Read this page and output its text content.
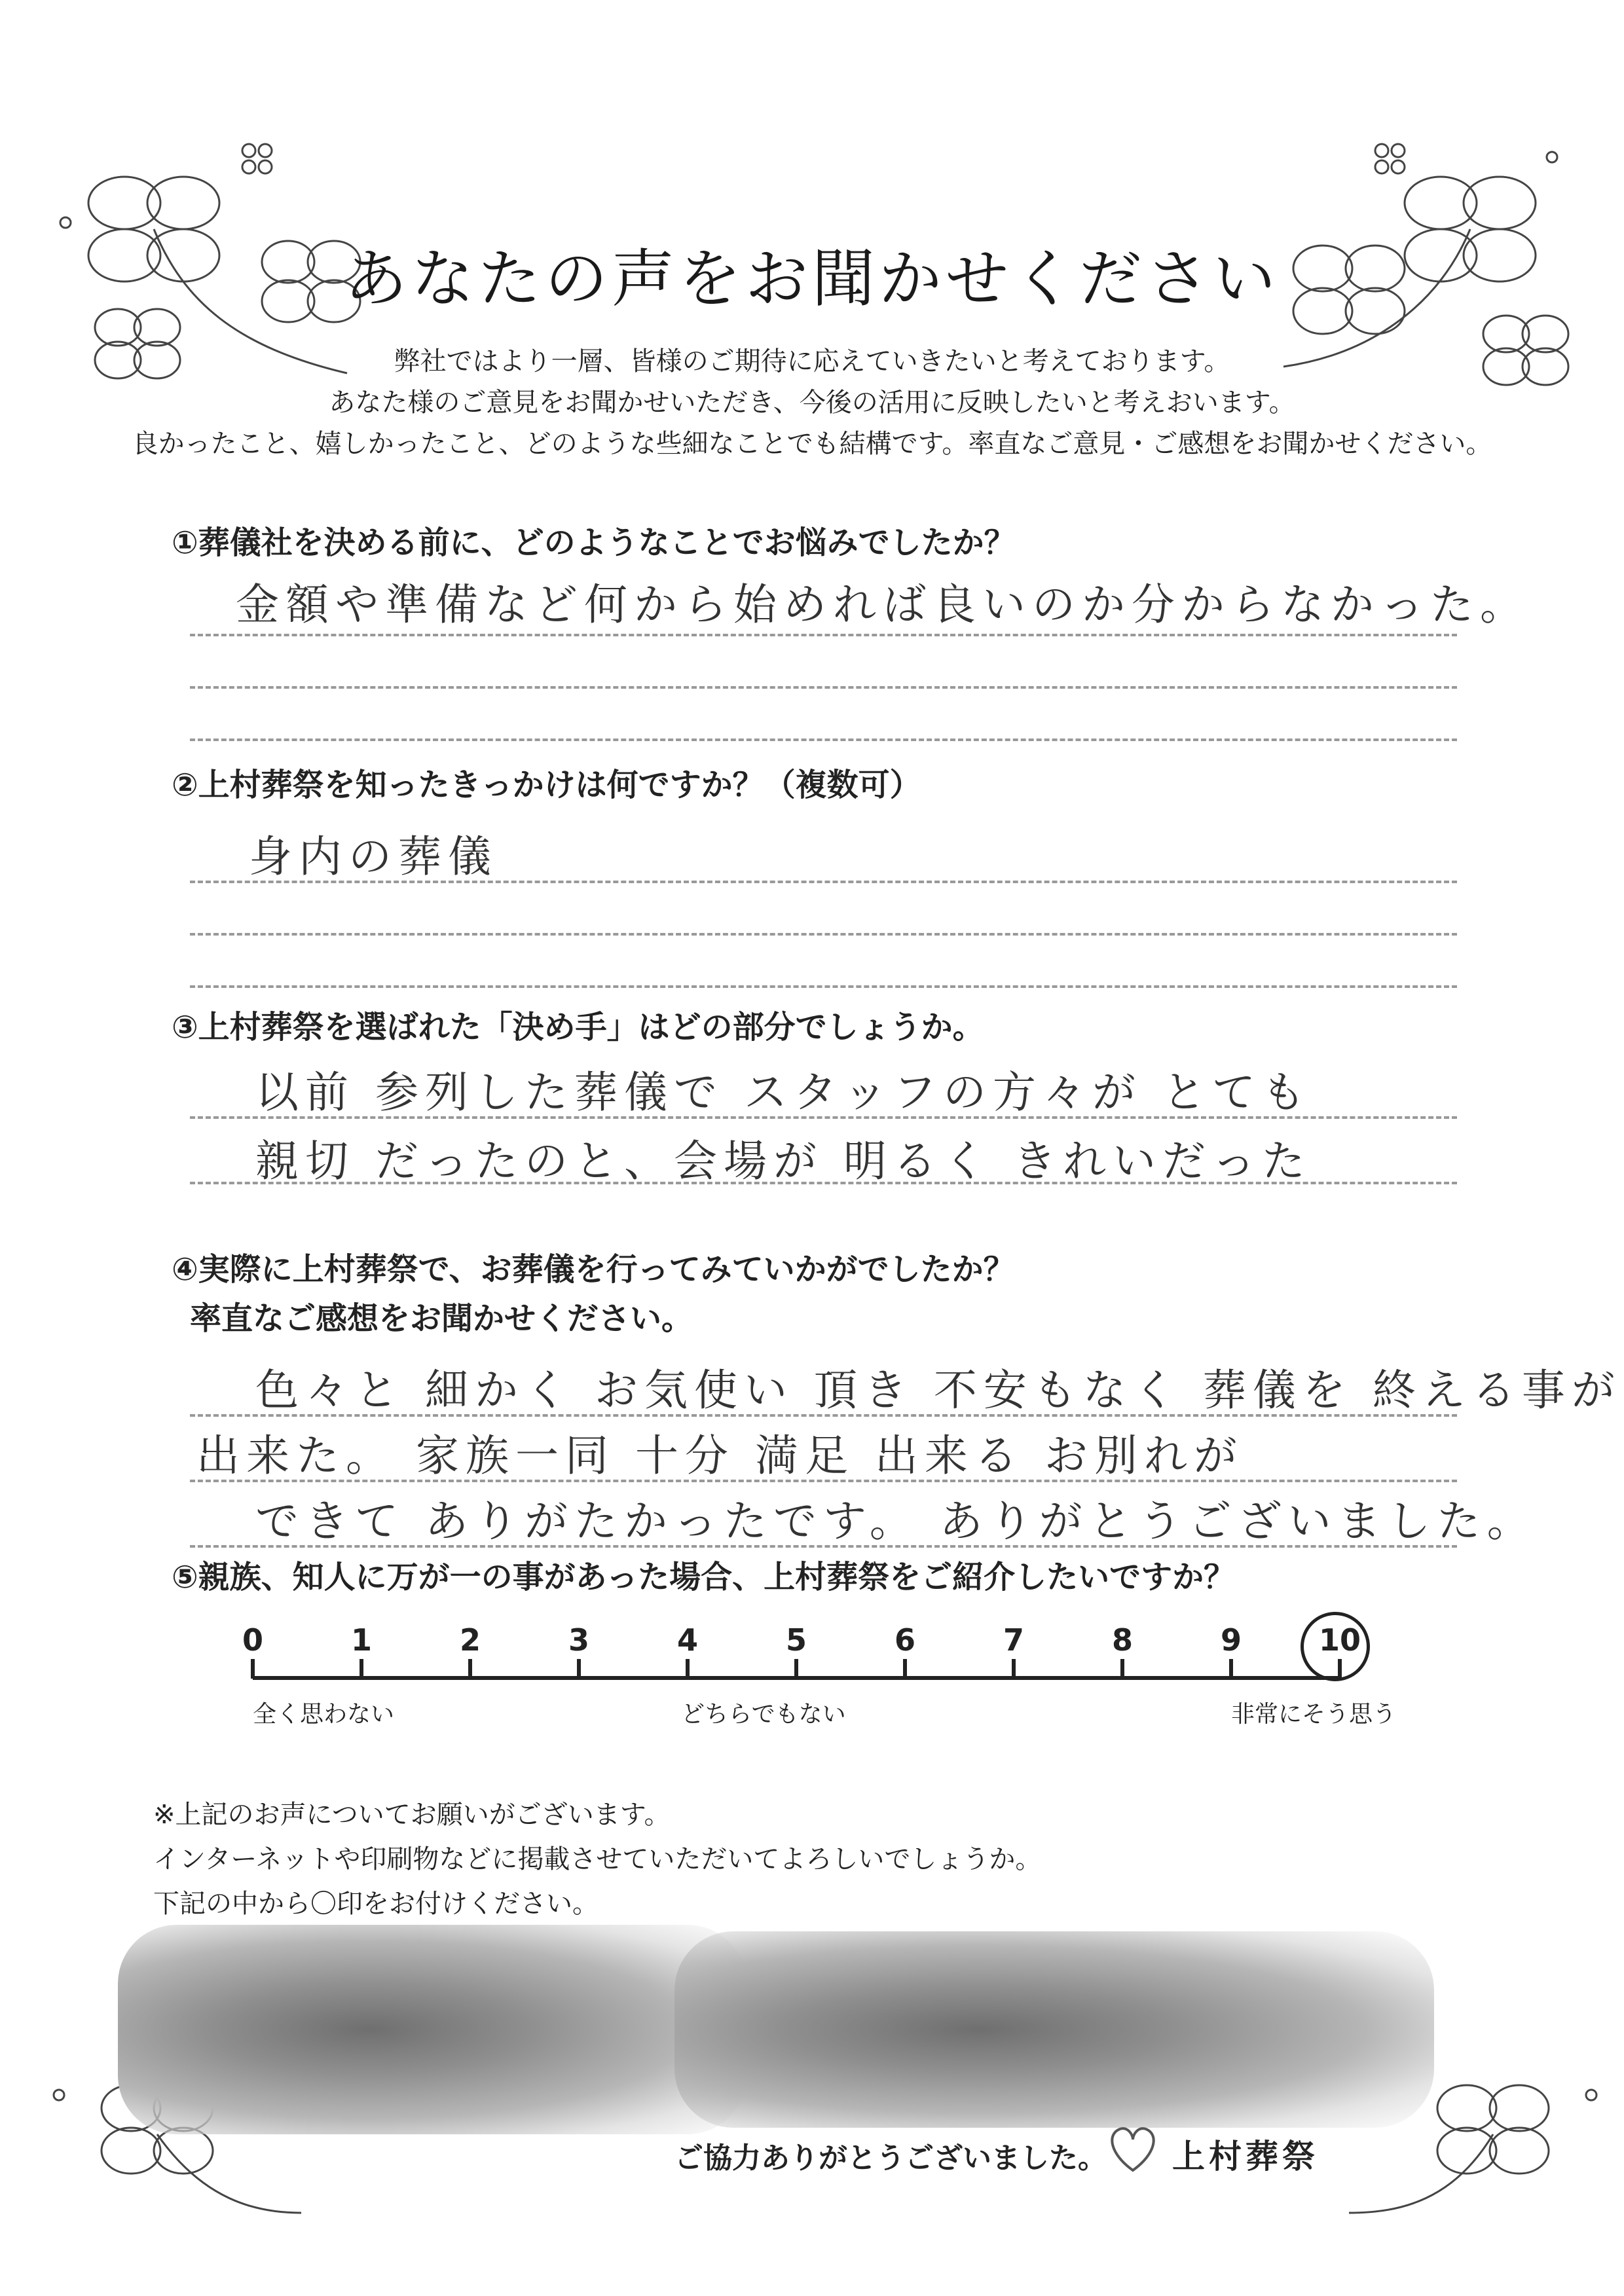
あなたの声をお聞かせください
弊社ではより一層、皆様のご期待に応えていきたいと考えております。
あなた様のご意見をお聞かせいただき、今後の活用に反映したいと考えおいます。
良かったこと、嬉しかったこと、どのような些細なことでも結構です。率直なご意見・ご感想をお聞かせください。
①葬儀社を決める前に、どのようなことでお悩みでしたか？
金額や準備など何から始めれば良いのか分からなかった。
②上村葬祭を知ったきっかけは何ですか？（複数可）
身内の葬儀
③上村葬祭を選ばれた「決め手」はどの部分でしょうか。
以前 参列した葬儀で スタッフの方々が とても
親切 だったのと、会場が 明るく きれいだった
④実際に上村葬祭で、お葬儀を行ってみていかがでしたか？
率直なご感想をお聞かせください。
色々と 細かく お気使い 頂き 不安もなく 葬儀を 終える事が
出来た。 家族一同 十分 満足 出来る お別れが
できて ありがたかったです。 ありがとうございました。
⑤親族、知人に万が一の事があった場合、上村葬祭をご紹介したいですか？
全く思わない	どちらでもない	非常にそう思う
※上記のお声についてお願いがございます。
インターネットや印刷物などに掲載させていただいてよろしいでしょうか。
下記の中から〇印をお付けください。
ご協力ありがとうございました。 上村葬祭
0	1	2	3	4	5	6	7	8	9	10
